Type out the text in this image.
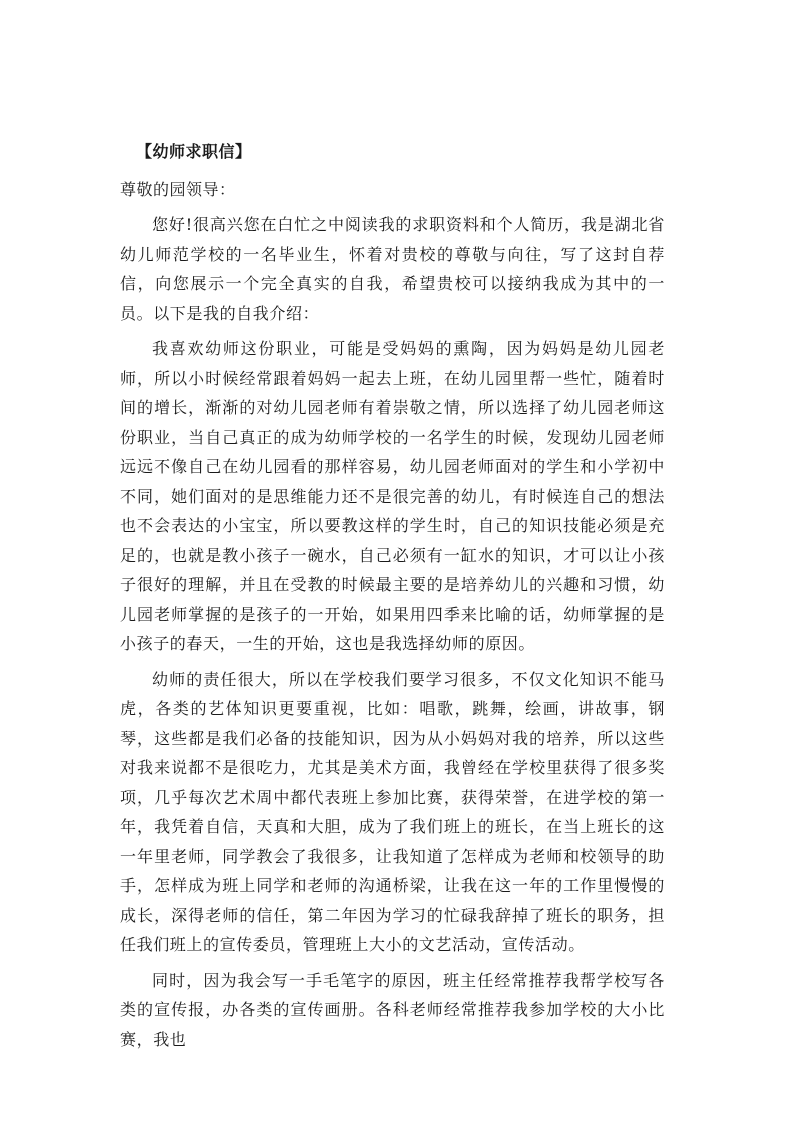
【幼师求职信】
尊敬的园领导：

您好!很高兴您在白忙之中阅读我的求职资料和个人简历，我是湖北省幼儿师范学校的一名毕业生，怀着对贵校的尊敬与向往，写了这封自荐信，向您展示一个完全真实的自我，希望贵校可以接纳我成为其中的一员。以下是我的自我介绍：

我喜欢幼师这份职业，可能是受妈妈的熏陶，因为妈妈是幼儿园老师，所以小时候经常跟着妈妈一起去上班，在幼儿园里帮一些忙，随着时间的增长，渐渐的对幼儿园老师有着崇敬之情，所以选择了幼儿园老师这份职业，当自己真正的成为幼师学校的一名学生的时候，发现幼儿园老师远远不像自己在幼儿园看的那样容易，幼儿园老师面对的学生和小学初中不同，她们面对的是思维能力还不是很完善的幼儿，有时候连自己的想法也不会表达的小宝宝，所以要教这样的学生时，自己的知识技能必须是充足的，也就是教小孩子一碗水，自己必须有一缸水的知识，才可以让小孩子很好的理解，并且在受教的时候最主要的是培养幼儿的兴趣和习惯，幼儿园老师掌握的是孩子的一开始，如果用四季来比喻的话，幼师掌握的是小孩子的春天，一生的开始，这也是我选择幼师的原因。

幼师的责任很大，所以在学校我们要学习很多，不仅文化知识不能马虎，各类的艺体知识更要重视，比如：唱歌，跳舞，绘画，讲故事，钢琴，这些都是我们必备的技能知识，因为从小妈妈对我的培养，所以这些对我来说都不是很吃力，尤其是美术方面，我曾经在学校里获得了很多奖项，几乎每次艺术周中都代表班上参加比赛，获得荣誉，在进学校的第一年，我凭着自信，天真和大胆，成为了我们班上的班长，在当上班长的这一年里老师，同学教会了我很多，让我知道了怎样成为老师和校领导的助手，怎样成为班上同学和老师的沟通桥梁，让我在这一年的工作里慢慢的成长，深得老师的信任，第二年因为学习的忙碌我辞掉了班长的职务，担任我们班上的宣传委员，管理班上大小的文艺活动，宣传活动。

同时，因为我会写一手毛笔字的原因，班主任经常推荐我帮学校写各类的宣传报，办各类的宣传画册。各科老师经常推荐我参加学校的大小比赛，我也
